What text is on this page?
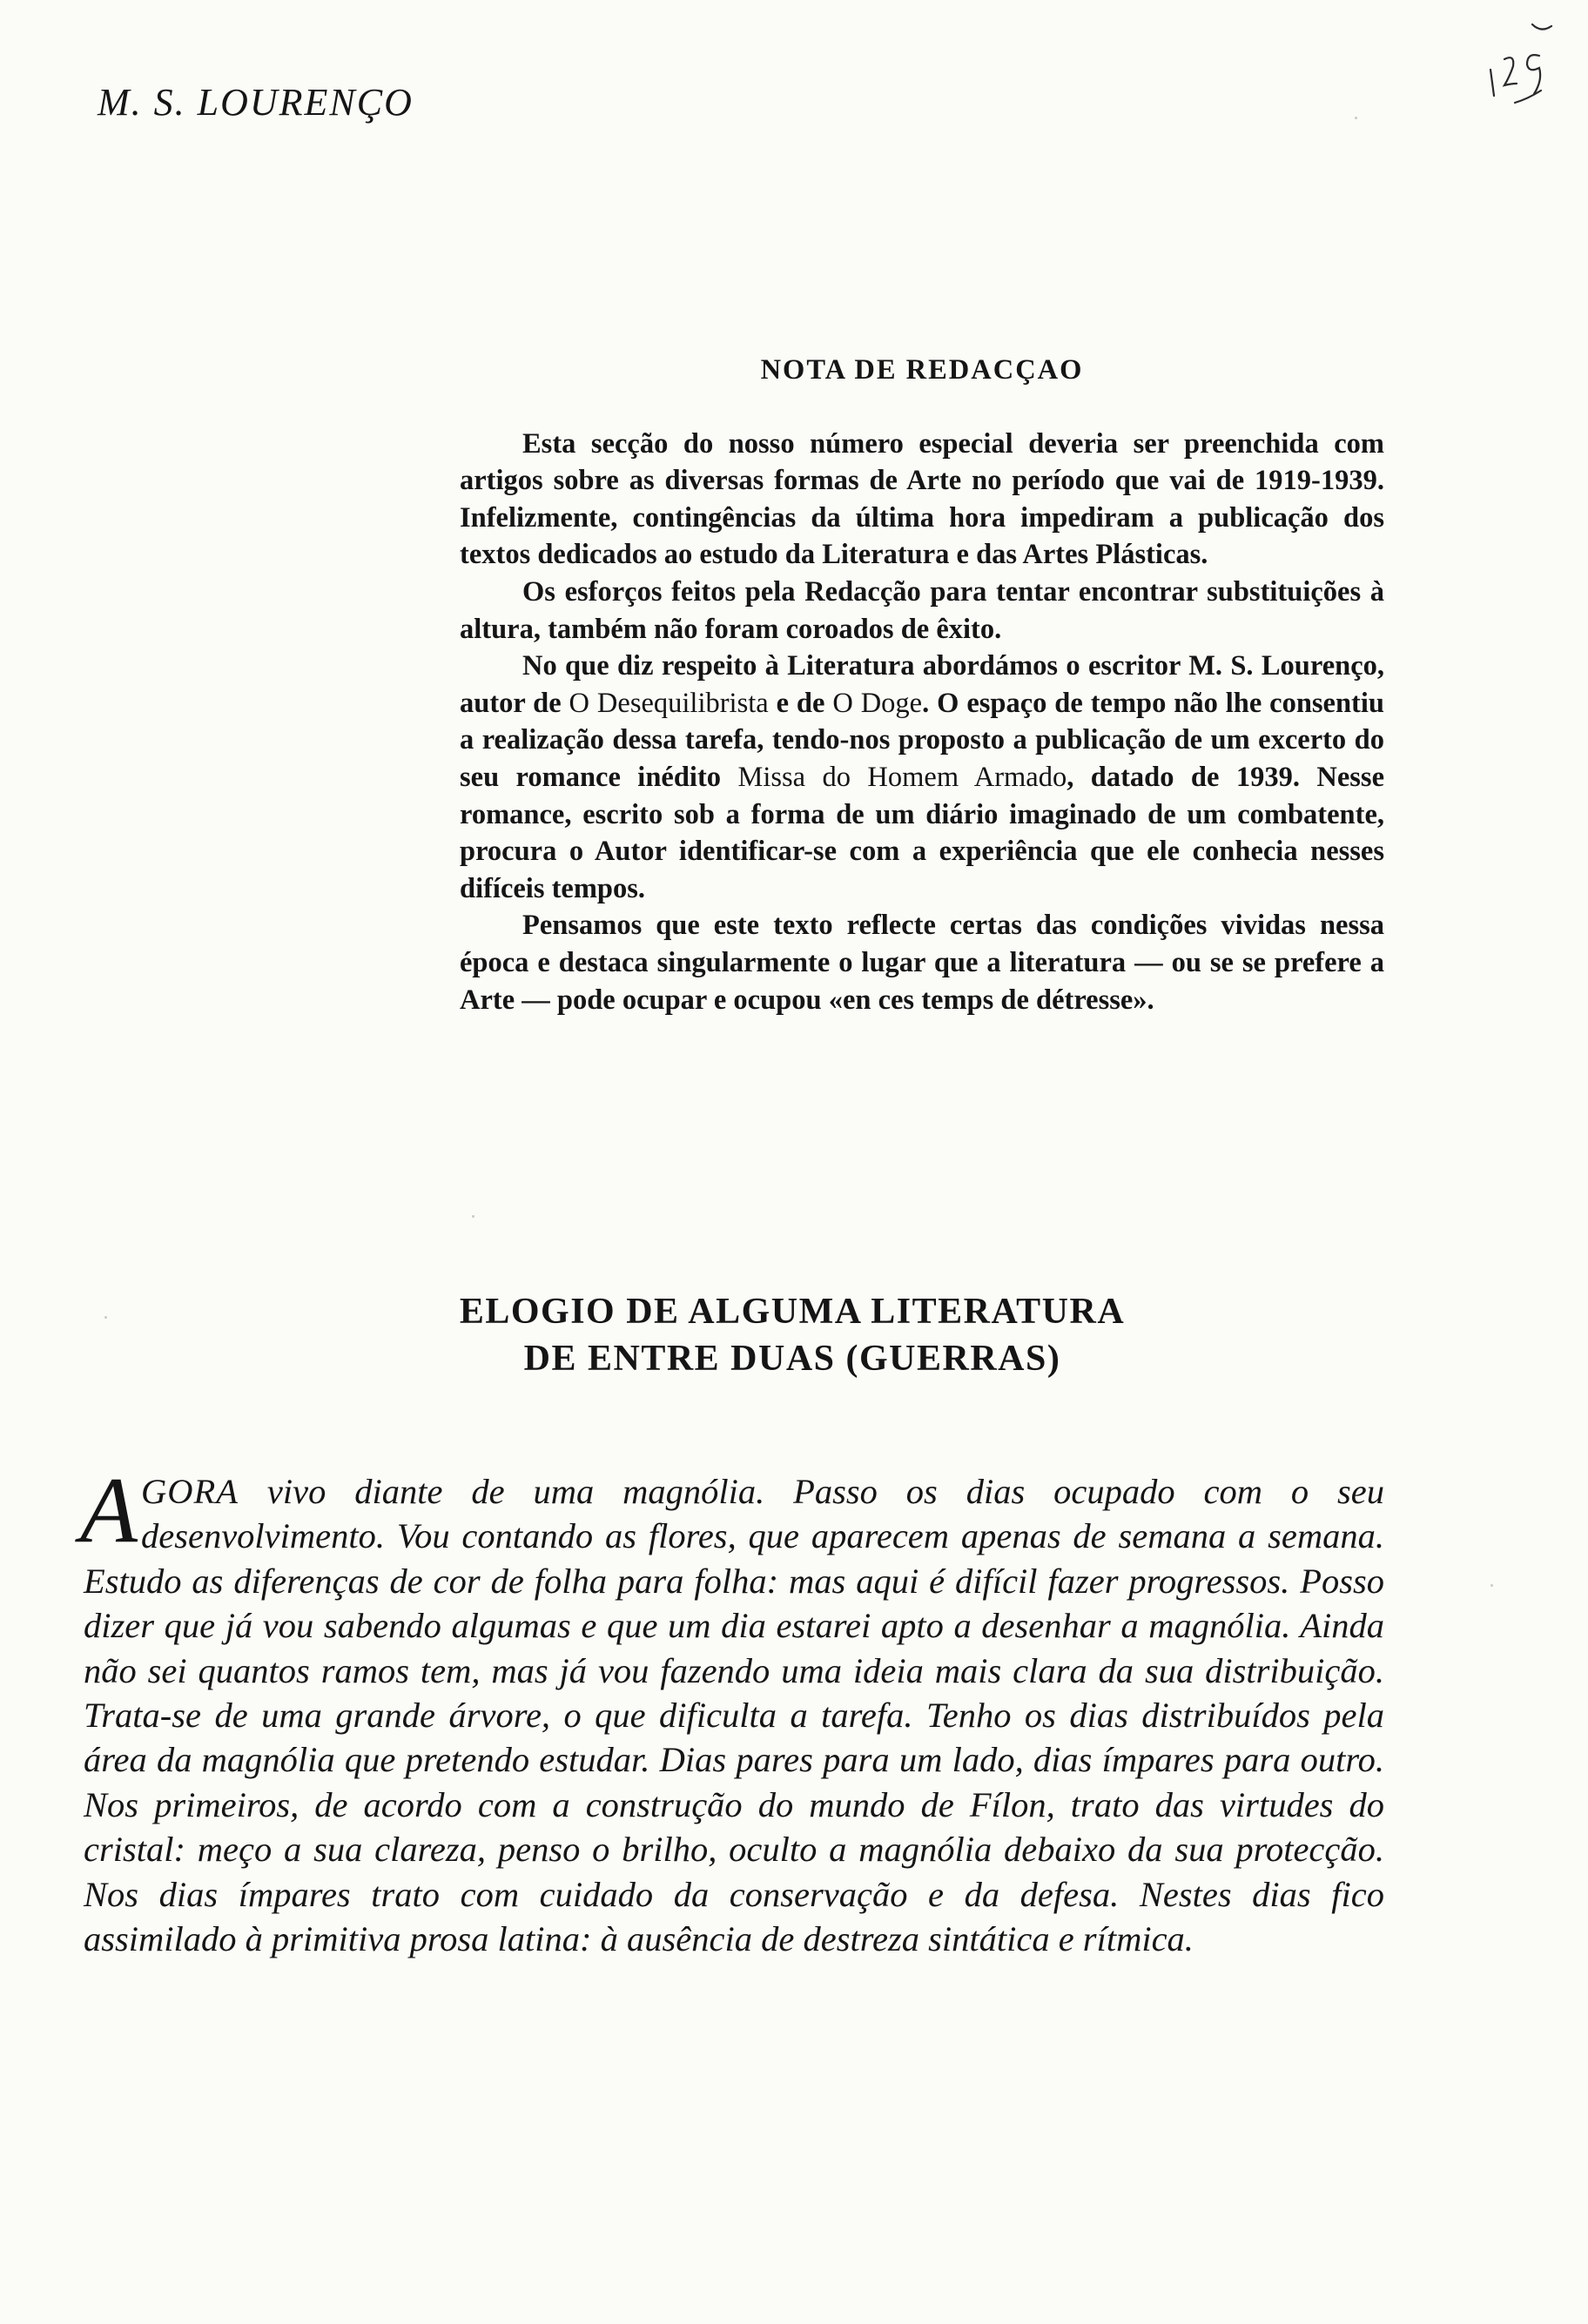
M. S. LOURENÇO
NOTA DE REDACÇAO

Esta secção do nosso número especial deveria ser preenchida com artigos sobre as diversas formas de Arte no período que vai de 1919-1939. Infelizmente, contingências da última hora impediram a publicação dos textos dedicados ao estudo da Literatura e das Artes Plásticas.

Os esforços feitos pela Redacção para tentar encontrar substituições à altura, também não foram coroados de êxito.

No que diz respeito à Literatura abordámos o escritor M. S. Lourenço, autor de O Desequilibrista e de O Doge. O espaço de tempo não lhe consentiu a realização dessa tarefa, tendo-nos proposto a publicação de um excerto do seu romance inédito Missa do Homem Armado, datado de 1939. Nesse romance, escrito sob a forma de um diário imaginado de um combatente, procura o Autor identificar-se com a experiência que ele conhecia nesses difíceis tempos.

Pensamos que este texto reflecte certas das condições vividas nessa época e destaca singularmente o lugar que a literatura — ou se se prefere a Arte — pode ocupar e ocupou «en ces temps de détresse».

ELOGIO DE ALGUMA LITERATURA
DE ENTRE DUAS (GUERRAS)

AGORA vivo diante de uma magnólia. Passo os dias ocupado com o seu desenvolvimento. Vou contando as flores, que aparecem apenas de semana a semana. Estudo as diferenças de cor de folha para folha: mas aqui é difícil fazer progressos. Posso dizer que já vou sabendo algumas e que um dia estarei apto a desenhar a magnólia. Ainda não sei quantos ramos tem, mas já vou fazendo uma ideia mais clara da sua distribuição. Trata-se de uma grande árvore, o que dificulta a tarefa. Tenho os dias distribuídos pela área da magnólia que pretendo estudar. Dias pares para um lado, dias ímpares para outro. Nos primeiros, de acordo com a construção do mundo de Fílon, trato das virtudes do cristal: meço a sua clareza, penso o brilho, oculto a magnólia debaixo da sua protecção. Nos dias ímpares trato com cuidado da conservação e da defesa. Nestes dias fico assimilado à primitiva prosa latina: à ausência de destreza sintática e rítmica.
